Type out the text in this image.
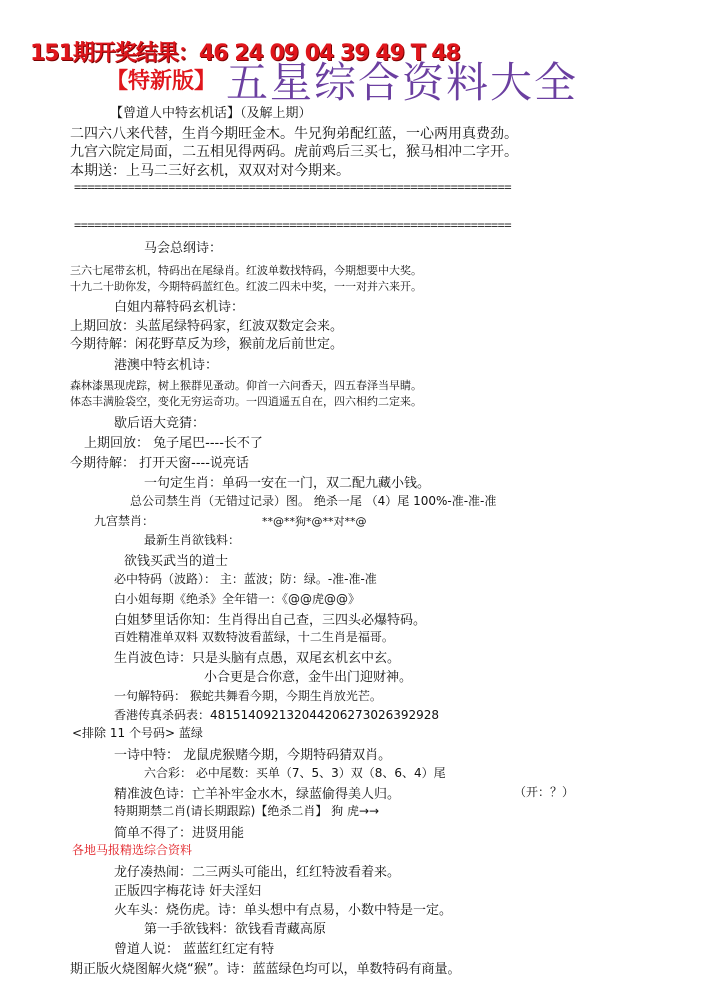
151期开奖结果：46 24 09 04 39 49 T 48
【特新版】 五星综合资料大全
【曾道人中特玄机话】（及解上期）
二四六八来代替，生肖今期旺金木。牛兄狗弟配红蓝，一心两用真费劲。
九宫六院定局面，二五相见得两码。虎前鸡后三买七，猴马相冲二字开。
本期送：上马二三好玄机，双双对对今期来。
=================================================================
=================================================================
马会总纲诗：
三六七尾带玄机，特码出在尾绿肖。红波单数找特码，今期想要中大奖。
十九二十助你发，今期特码蓝红色。红波二四未中奖，一一对并六来开。
白姐内幕特码玄机诗：
上期回放：头蓝尾绿特码家，红波双数定会来。
今期待解：闲花野草反为珍，猴前龙后前世定。
港澳中特玄机诗：
森林漆黑现虎踪，树上猴群见蚤动。仰首一六问香天，四五春泽当早睛。
体态丰满脸袋空，变化无穷运奇功。一四逍遥五自在，四六相约二定来。
歇后语大竞猜：
上期回放： 兔子尾巴----长不了
今期待解： 打开天窗----说亮话
一句定生肖：单码一安在一门，双二配九藏小钱。
总公司禁生肖（无错过记录）图。 绝杀一尾 （4）尾 100%-准-准-准
九宫禁肖：	**@**狗*@**对**@
最新生肖欲钱料：
欲钱买武当的道士
必中特码（波路）： 主：蓝波；防：绿。-准-准-准
白小姐每期《绝杀》全年错一：《@@虎@@》
白姐梦里话你知：生肖得出自己查，三四头必爆特码。
百姓精准单双料 双数特波看蓝绿，十二生肖是福哥。
生肖波色诗：只是头脑有点愚，双尾玄机玄中玄。
小合更是合你意，金牛出门迎财神。
一句解特码： 猴蛇共舞看今期，今期生肖放光芒。
香港传真杀码表：48151409213204420627302639​2928
<排除 11 个号码> 蓝绿
一诗中特： 龙鼠虎猴赌今期，今期特码猜双肖。
六合彩： 必中尾数：买单（7、5、3）双（8、6、4）尾
精准波色诗：亡羊补牢金水木，绿蓝偷得美人归。	（开：？）
特期期禁二肖(请长期跟踪)【绝杀二肖】 狗 虎→→
简单不得了：进贤用能
各地马报精选综合资料
龙仔凑热闹：二三两头可能出，红红特波看着来。
正版四字梅花诗 奸夫淫妇
火车头：烧伤虎。诗：单头想中有点易，小数中特是一定。
第一手欲钱料：欲钱看青藏高原
曾道人说： 蓝蓝红红定有特
期正版火烧图解火烧“猴”。诗：蓝蓝绿色均可以，单数特码有商量。
